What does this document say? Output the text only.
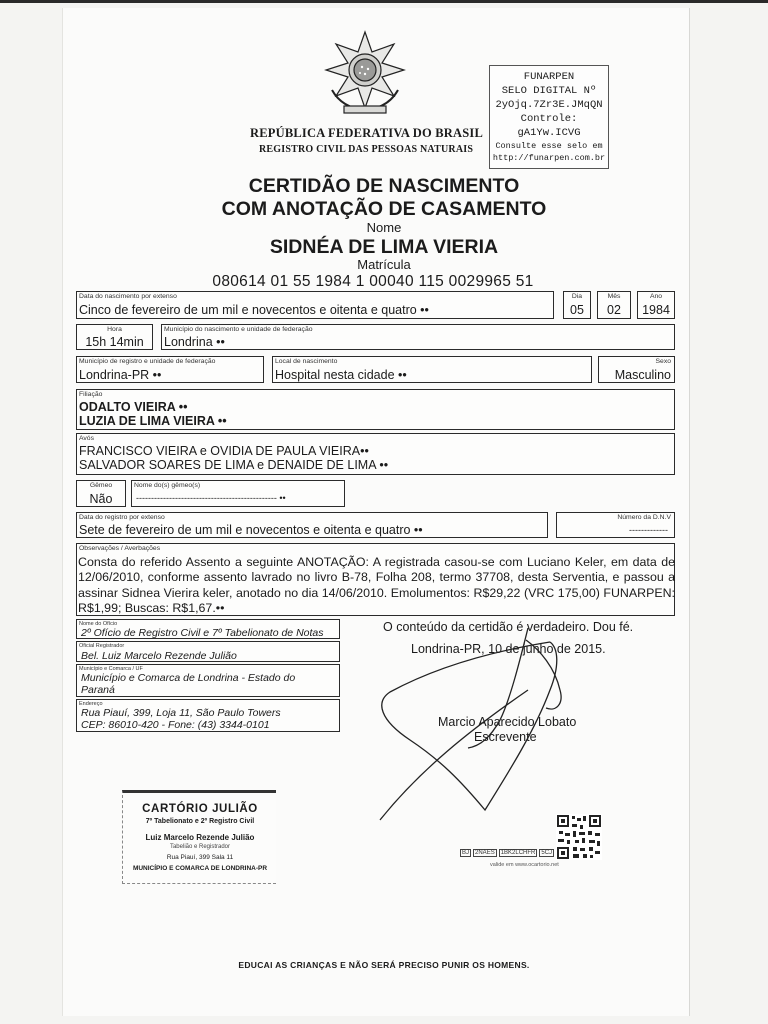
REPÚBLICA FEDERATIVA DO BRASIL
REGISTRO CIVIL DAS PESSOAS NATURAIS
FUNARPEN
SELO DIGITAL Nº
2yOjq.7Zr3E.JMqQN
Controle:
gA1Yw.ICVG
Consulte esse selo em
http://funarpen.com.br
CERTIDÃO DE NASCIMENTO
COM ANOTAÇÃO DE CASAMENTO
Nome
SIDNÉA DE LIMA VIERIA
Matrícula
080614 01 55 1984 1 00040 115 0029965 51
Data do nascimento por extenso
Cinco de fevereiro de um mil e novecentos e oitenta e quatro ••
Dia
05
Mês
02
Ano
1984
Hora
15h 14min
Município do nascimento e unidade de federação
Londrina ••
Município de registro e unidade de federação
Londrina-PR ••
Local de nascimento
Hospital nesta cidade ••
Sexo
Masculino
Filiação
ODALTO VIEIRA ••
LUZIA DE LIMA VIEIRA ••
Avós
FRANCISCO VIEIRA e OVIDIA DE PAULA VIEIRA••
SALVADOR SOARES DE LIMA e DENAIDE DE LIMA ••
Gêmeo
Não
Nome do(s) gêmeo(s)
----------------------------------------------- ••
Data do registro por extenso
Sete de fevereiro de um mil e novecentos e oitenta e quatro ••
Número da D.N.V
-------------
Observações / Averbações
Consta do referido Assento a seguinte ANOTAÇÃO: A registrada casou-se com Luciano Keler, em data de 12/06/2010, conforme assento lavrado no livro B-78, Folha 208, termo 37708, desta Serventia, e passou a assinar Sidnea Vierira keler, anotado no dia 14/06/2010. Emolumentos: R$29,22 (VRC 175,00) FUNARPEN: R$1,99; Buscas: R$1,67.••
Nome do Ofício
2º Ofício de Registro Civil e 7º Tabelionato de Notas
Oficial Registrador
Bel. Luiz Marcelo Rezende Julião
Município e Comarca / UF
Município e Comarca de Londrina - Estado do
Paraná
Endereço
Rua Piauí, 399, Loja 11, São Paulo Towers
CEP: 86010-420 - Fone: (43) 3344-0101
O conteúdo da certidão é verdadeiro. Dou fé.
Londrina-PR, 10 de junho de 2015.
Marcio Aparecido Lobato
Escrevente
CARTÓRIO JULIÃO
7º Tabelionato e 2º Registro Civil
Luiz Marcelo Rezende Julião
Tabelião e Registrador
Rua Piauí, 399 Sala 11
MUNICÍPIO E COMARCA DE LONDRINA-PR
BJ 2NAES 1BK2LCHFR 5CJ
valide em www.ocartorio.net
EDUCAI AS CRIANÇAS E NÃO SERÁ PRECISO PUNIR OS HOMENS.
